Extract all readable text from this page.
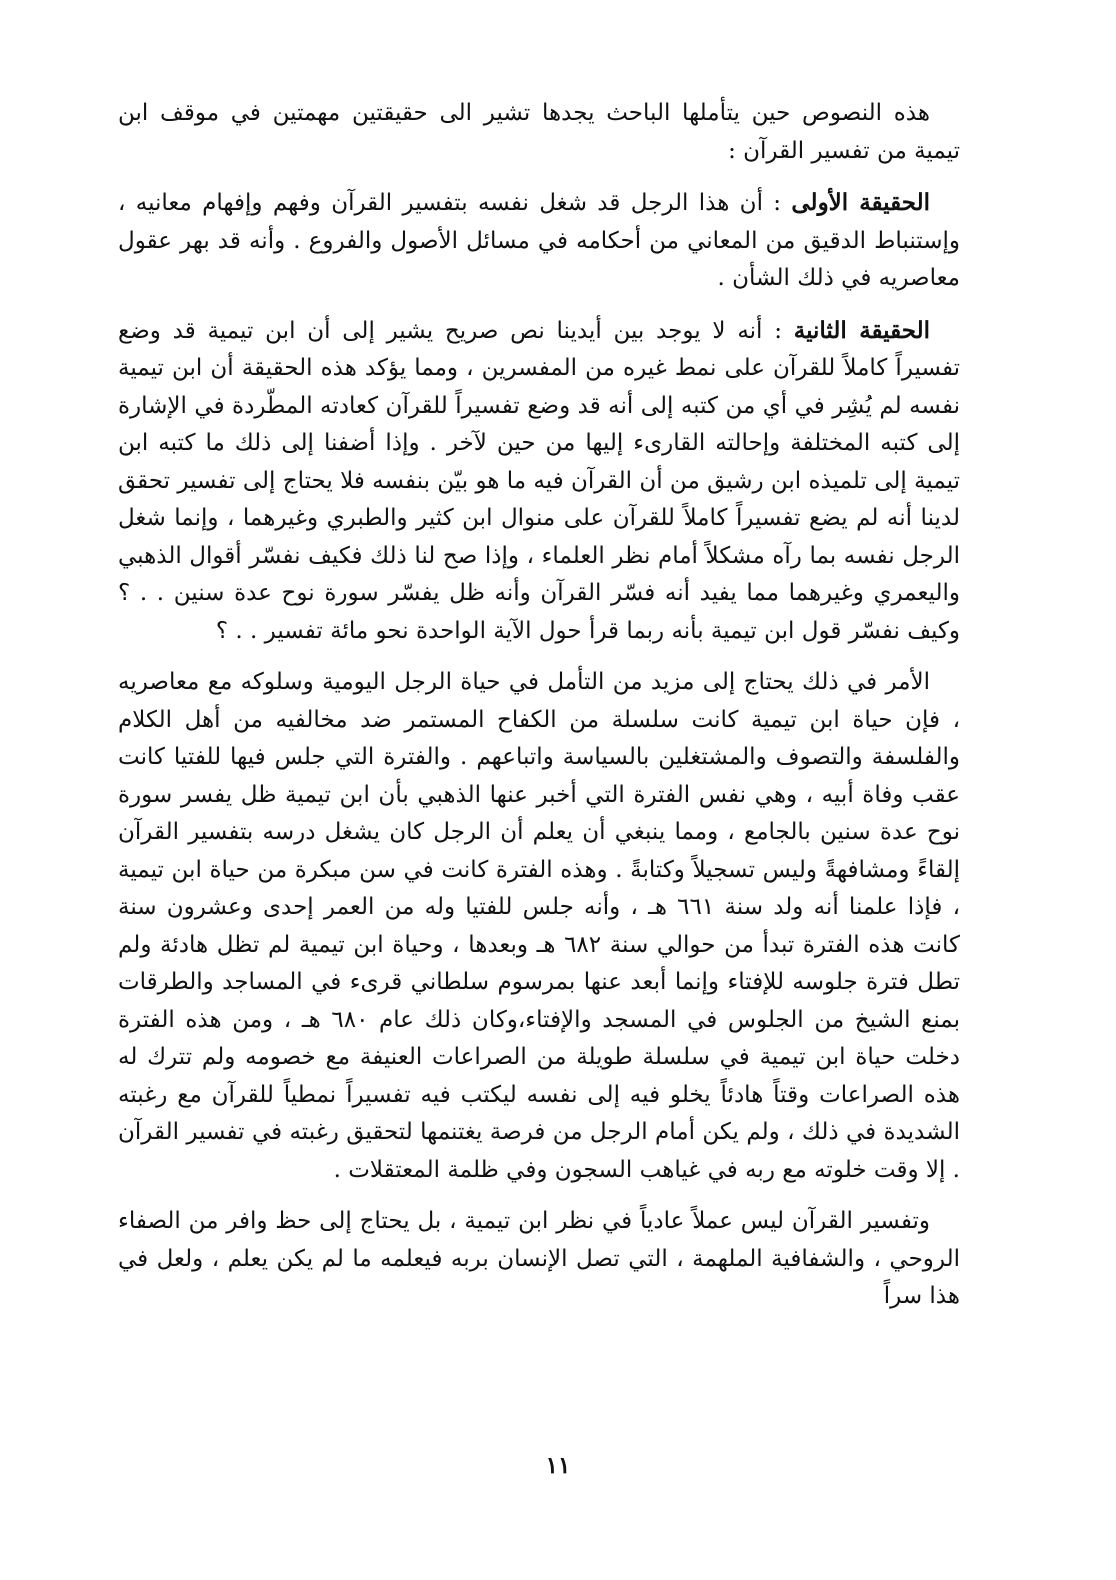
هذه النصوص حين يتأملها الباحث يجدها تشير الى حقيقتين مهمتين في موقف ابن تيمية من تفسير القرآن :

الحقيقة الأولى : أن هذا الرجل قد شغل نفسه بتفسير القرآن وفهم وإفهام معانيه ، وإستنباط الدقيق من المعاني من أحكامه في مسائل الأصول والفروع . وأنه قد بهر عقول معاصريه في ذلك الشأن .

الحقيقة الثانية : أنه لا يوجد بين أيدينا نص صريح يشير إلى أن ابن تيمية قد وضع تفسيراً كاملاً للقرآن على نمط غيره من المفسرين ، ومما يؤكد هذه الحقيقة أن ابن تيمية نفسه لم يُشِر في أي من كتبه إلى أنه قد وضع تفسيراً للقرآن كعادته المطّردة في الإشارة إلى كتبه المختلفة وإحالته القارىء إليها من حين لآخر . وإذا أضفنا إلى ذلك ما كتبه ابن تيمية إلى تلميذه ابن رشيق من أن القرآن فيه ما هو بيّن بنفسه فلا يحتاج إلى تفسير تحقق لدينا أنه لم يضع تفسيراً كاملاً للقرآن على منوال ابن كثير والطبري وغيرهما ، وإنما شغل الرجل نفسه بما رآه مشكلاً أمام نظر العلماء ، وإذا صح لنا ذلك فكيف نفسّر أقوال الذهبي واليعمري وغيرهما مما يفيد أنه فسّر القرآن وأنه ظل يفسّر سورة نوح عدة سنين . . ؟ وكيف نفسّر قول ابن تيمية بأنه ربما قرأ حول الآية الواحدة نحو مائة تفسير . . ؟

الأمر في ذلك يحتاج إلى مزيد من التأمل في حياة الرجل اليومية وسلوكه مع معاصريه ، فإن حياة ابن تيمية كانت سلسلة من الكفاح المستمر ضد مخالفيه من أهل الكلام والفلسفة والتصوف والمشتغلين بالسياسة واتباعهم . والفترة التي جلس فيها للفتيا كانت عقب وفاة أبيه ، وهي نفس الفترة التي أخبر عنها الذهبي بأن ابن تيمية ظل يفسر سورة نوح عدة سنين بالجامع ، ومما ينبغي أن يعلم أن الرجل كان يشغل درسه بتفسير القرآن إلقاءً ومشافهةً وليس تسجيلاً وكتابةً . وهذه الفترة كانت في سن مبكرة من حياة ابن تيمية ، فإذا علمنا أنه ولد سنة ٦٦١ هـ ، وأنه جلس للفتيا وله من العمر إحدى وعشرون سنة كانت هذه الفترة تبدأ من حوالي سنة ٦٨٢ هـ وبعدها ، وحياة ابن تيمية لم تظل هادئة ولم تطل فترة جلوسه للإفتاء وإنما أبعد عنها بمرسوم سلطاني قرىء في المساجد والطرقات بمنع الشيخ من الجلوس في المسجد والإفتاء،وكان ذلك عام ٦٨٠ هـ ، ومن هذه الفترة دخلت حياة ابن تيمية في سلسلة طويلة من الصراعات العنيفة مع خصومه ولم تترك له هذه الصراعات وقتاً هادئاً يخلو فيه إلى نفسه ليكتب فيه تفسيراً نمطياً للقرآن مع رغبته الشديدة في ذلك ، ولم يكن أمام الرجل من فرصة يغتنمها لتحقيق رغبته في تفسير القرآن . إلا وقت خلوته مع ربه في غياهب السجون وفي ظلمة المعتقلات .

وتفسير القرآن ليس عملاً عادياً في نظر ابن تيمية ، بل يحتاج إلى حظ وافر من الصفاء الروحي ، والشفافية الملهمة ، التي تصل الإنسان بربه فيعلمه ما لم يكن يعلم ، ولعل في هذا سراً

١١
